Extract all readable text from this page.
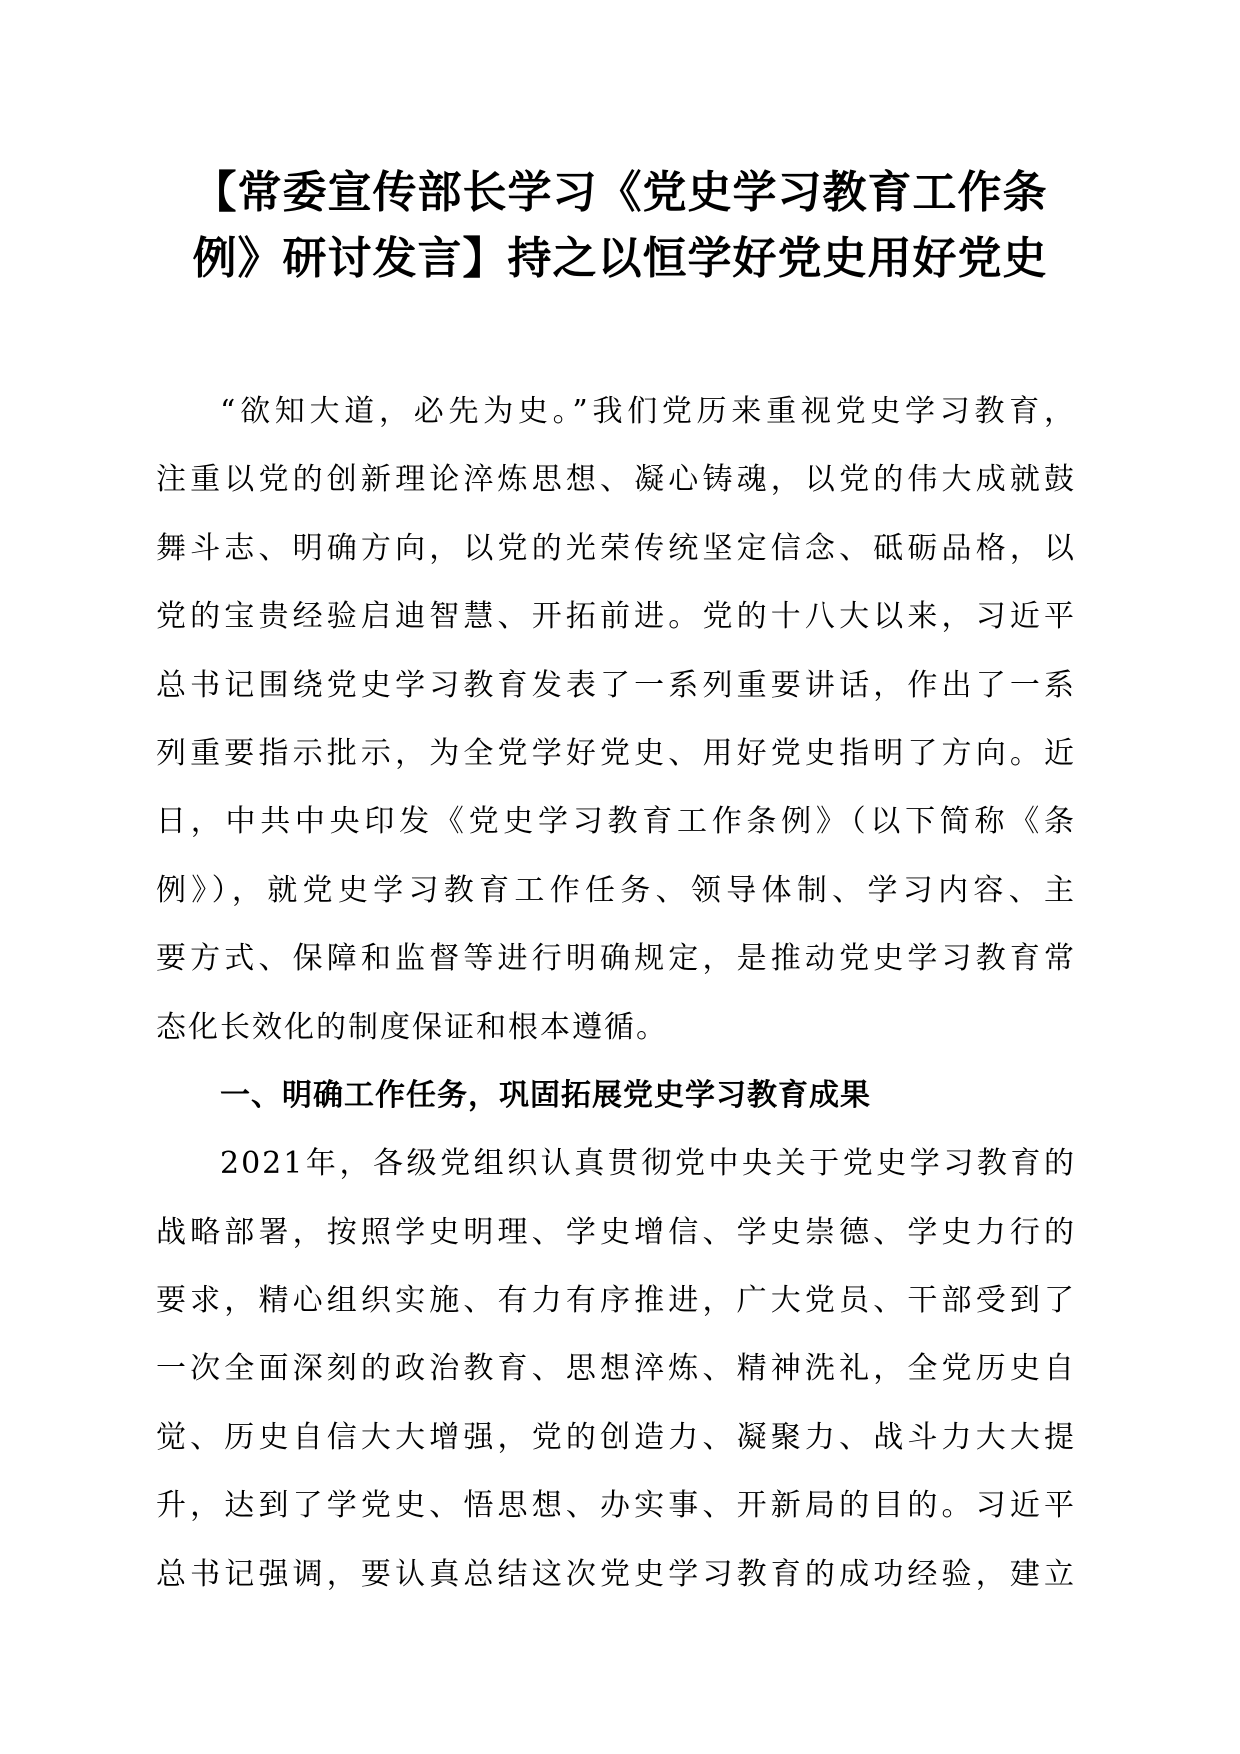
【常委宣传部长学习《党史学习教育工作条
例》研讨发言】持之以恒学好党史用好党史
“欲知大道，必先为史。”我们党历来重视党史学习教育，
注重以党的创新理论淬炼思想、凝心铸魂，以党的伟大成就鼓
舞斗志、明确方向，以党的光荣传统坚定信念、砥砺品格，以
党的宝贵经验启迪智慧、开拓前进。党的十八大以来，习近平
总书记围绕党史学习教育发表了一系列重要讲话，作出了一系
列重要指示批示，为全党学好党史、用好党史指明了方向。近
日，中共中央印发《党史学习教育工作条例》（以下简称《条
例》），就党史学习教育工作任务、领导体制、学习内容、主
要方式、保障和监督等进行明确规定，是推动党史学习教育常
态化长效化的制度保证和根本遵循。
一、明确工作任务，巩固拓展党史学习教育成果
2021年，各级党组织认真贯彻党中央关于党史学习教育的
战略部署，按照学史明理、学史增信、学史崇德、学史力行的
要求，精心组织实施、有力有序推进，广大党员、干部受到了
一次全面深刻的政治教育、思想淬炼、精神洗礼，全党历史自
觉、历史自信大大增强，党的创造力、凝聚力、战斗力大大提
升，达到了学党史、悟思想、办实事、开新局的目的。习近平
总书记强调，要认真总结这次党史学习教育的成功经验，建立
